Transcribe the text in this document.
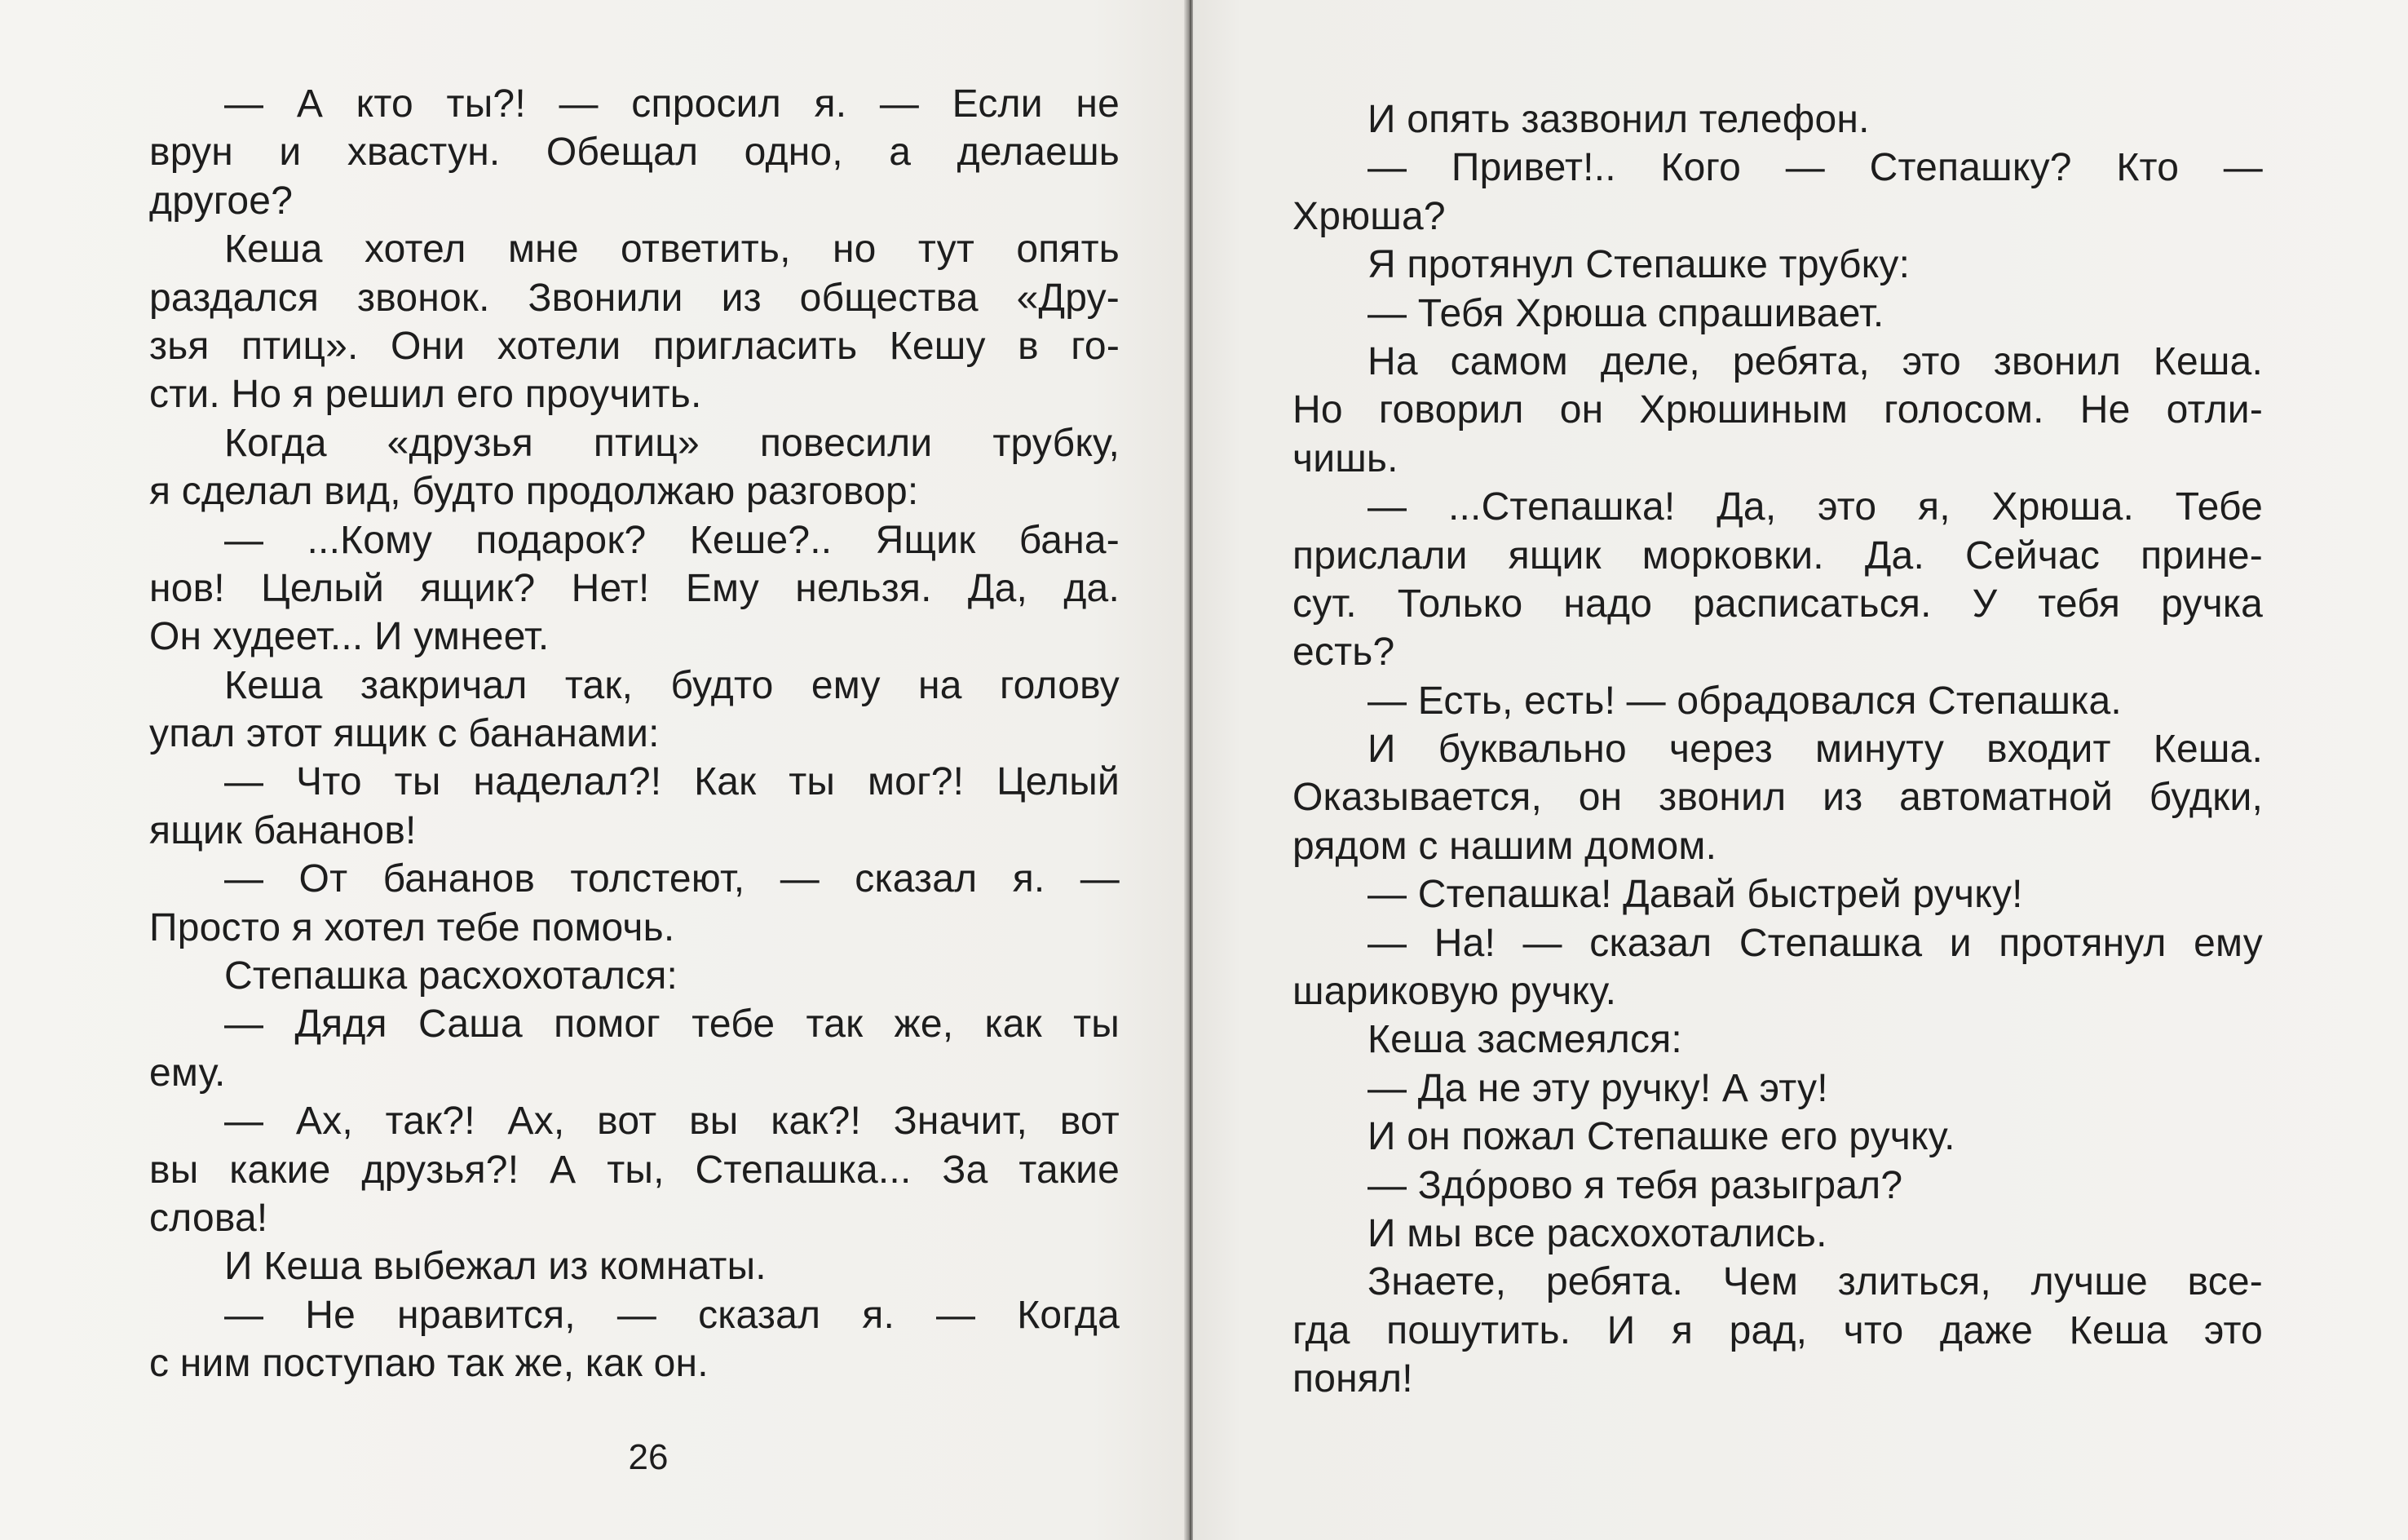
— А кто ты?! — спросил я. — Если не
врун и хвастун. Обещал одно, а делаешь
другое?
Кеша хотел мне ответить, но тут опять
раздался звонок. Звонили из общества «Дру-
зья птиц». Они хотели пригласить Кешу в го-
сти. Но я решил его проучить.
Когда «друзья птиц» повесили трубку,
я сделал вид, будто продолжаю разговор:
— ...Кому подарок? Кеше?.. Ящик бана-
нов! Целый ящик? Нет! Ему нельзя. Да, да.
Он худеет... И умнеет.
Кеша закричал так, будто ему на голову
упал этот ящик с бананами:
— Что ты наделал?! Как ты мог?! Целый
ящик бананов!
— От бананов толстеют, — сказал я. —
Просто я хотел тебе помочь.
Степашка расхохотался:
— Дядя Саша помог тебе так же, как ты
ему.
— Ах, так?! Ах, вот вы как?! Значит, вот
вы какие друзья?! А ты, Степашка... За такие
слова!
И Кеша выбежал из комнаты.
— Не нравится, — сказал я. — Когда
с ним поступаю так же, как он.
26
И опять зазвонил телефон.
— Привет!.. Кого — Степашку? Кто —
Хрюша?
Я протянул Степашке трубку:
— Тебя Хрюша спрашивает.
На самом деле, ребята, это звонил Кеша.
Но говорил он Хрюшиным голосом. Не отли-
чишь.
— ...Степашка! Да, это я, Хрюша. Тебе
прислали ящик морковки. Да. Сейчас прине-
сут. Только надо расписаться. У тебя ручка
есть?
— Есть, есть! — обрадовался Степашка.
И буквально через минуту входит Кеша.
Оказывается, он звонил из автоматной будки,
рядом с нашим домом.
— Степашка! Давай быстрей ручку!
— На! — сказал Степашка и протянул ему
шариковую ручку.
Кеша засмеялся:
— Да не эту ручку! А эту!
И он пожал Степашке его ручку.
— Здóрово я тебя разыграл?
И мы все расхохотались.
Знаете, ребята. Чем злиться, лучше все-
гда пошутить. И я рад, что даже Кеша это
понял!
